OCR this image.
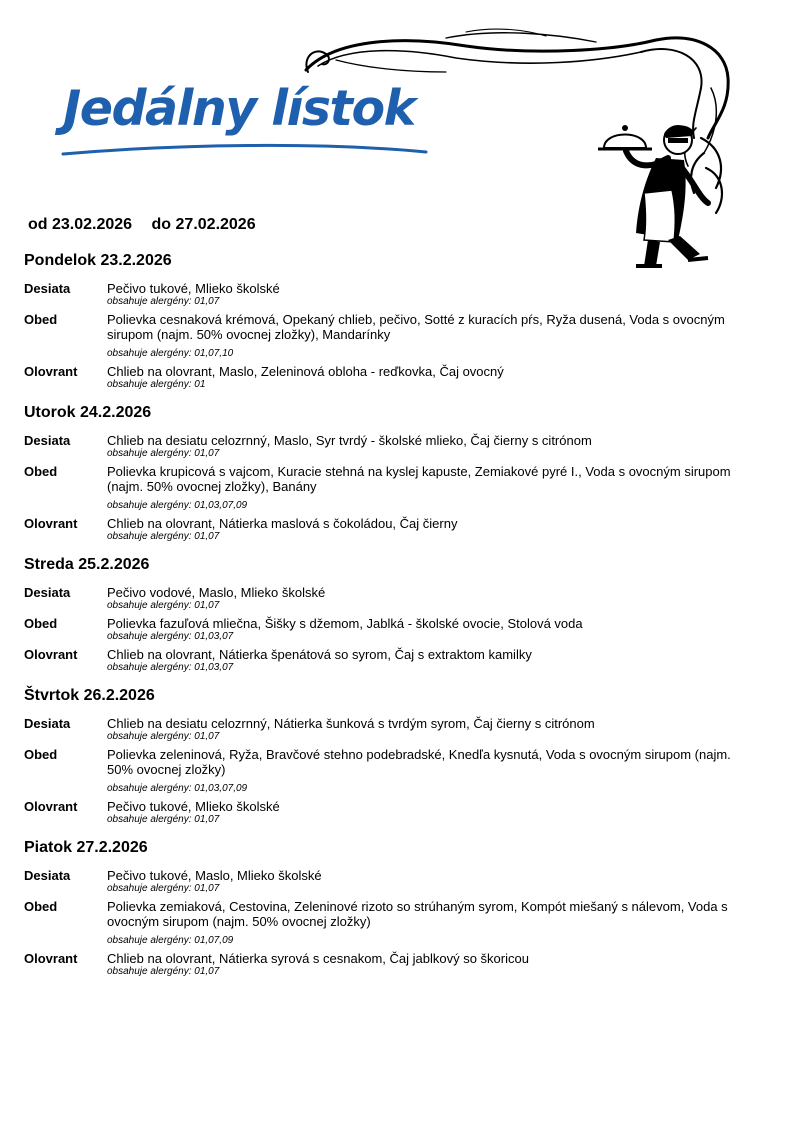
Jedálny lístok
od 23.02.2026 do 27.02.2026
Pondelok 23.2.2026
Desiata	Pečivo tukové, Mlieko školské
obsahuje alergény: 01,07
Obed	Polievka cesnaková krémová, Opekaný chlieb, pečivo, Sotté z kuracích pŕs, Ryža dusená, Voda s ovocným sirupom (najm. 50% ovocnej zložky), Mandarínky
obsahuje alergény: 01,07,10
Olovrant	Chlieb na olovrant, Maslo, Zeleninová obloha - reďkovka, Čaj ovocný
obsahuje alergény: 01
Utorok 24.2.2026
Desiata	Chlieb na desiatu celozrnný, Maslo, Syr tvrdý - školské mlieko, Čaj čierny s citrónom
obsahuje alergény: 01,07
Obed	Polievka krupicová s vajcom, Kuracie stehná na kyslej kapuste, Zemiakové pyré I., Voda s ovocným sirupom (najm. 50% ovocnej zložky), Banány
obsahuje alergény: 01,03,07,09
Olovrant	Chlieb na olovrant, Nátierka maslová s čokoládou, Čaj čierny
obsahuje alergény: 01,07
Streda 25.2.2026
Desiata	Pečivo vodové, Maslo, Mlieko školské
obsahuje alergény: 01,07
Obed	Polievka fazuľová mliečna, Šišky s džemom, Jablká - školské ovocie, Stolová voda
obsahuje alergény: 01,03,07
Olovrant	Chlieb na olovrant, Nátierka špenátová so syrom, Čaj s extraktom kamilky
obsahuje alergény: 01,03,07
Štvrtok 26.2.2026
Desiata	Chlieb na desiatu celozrnný, Nátierka šunková s tvrdým syrom, Čaj čierny s citrónom
obsahuje alergény: 01,07
Obed	Polievka zeleninová, Ryža, Bravčové stehno podebradské, Knedľa kysnutá, Voda s ovocným sirupom (najm. 50% ovocnej zložky)
obsahuje alergény: 01,03,07,09
Olovrant	Pečivo tukové, Mlieko školské
obsahuje alergény: 01,07
Piatok 27.2.2026
Desiata	Pečivo tukové, Maslo, Mlieko školské
obsahuje alergény: 01,07
Obed	Polievka zemiaková, Cestovina, Zeleninové rizoto so strúhaným syrom, Kompót miešaný s nálevom, Voda s ovocným sirupom (najm. 50% ovocnej zložky)
obsahuje alergény: 01,07,09
Olovrant	Chlieb na olovrant, Nátierka syrová s cesnakom, Čaj jablkový so škoricou
obsahuje alergény: 01,07
